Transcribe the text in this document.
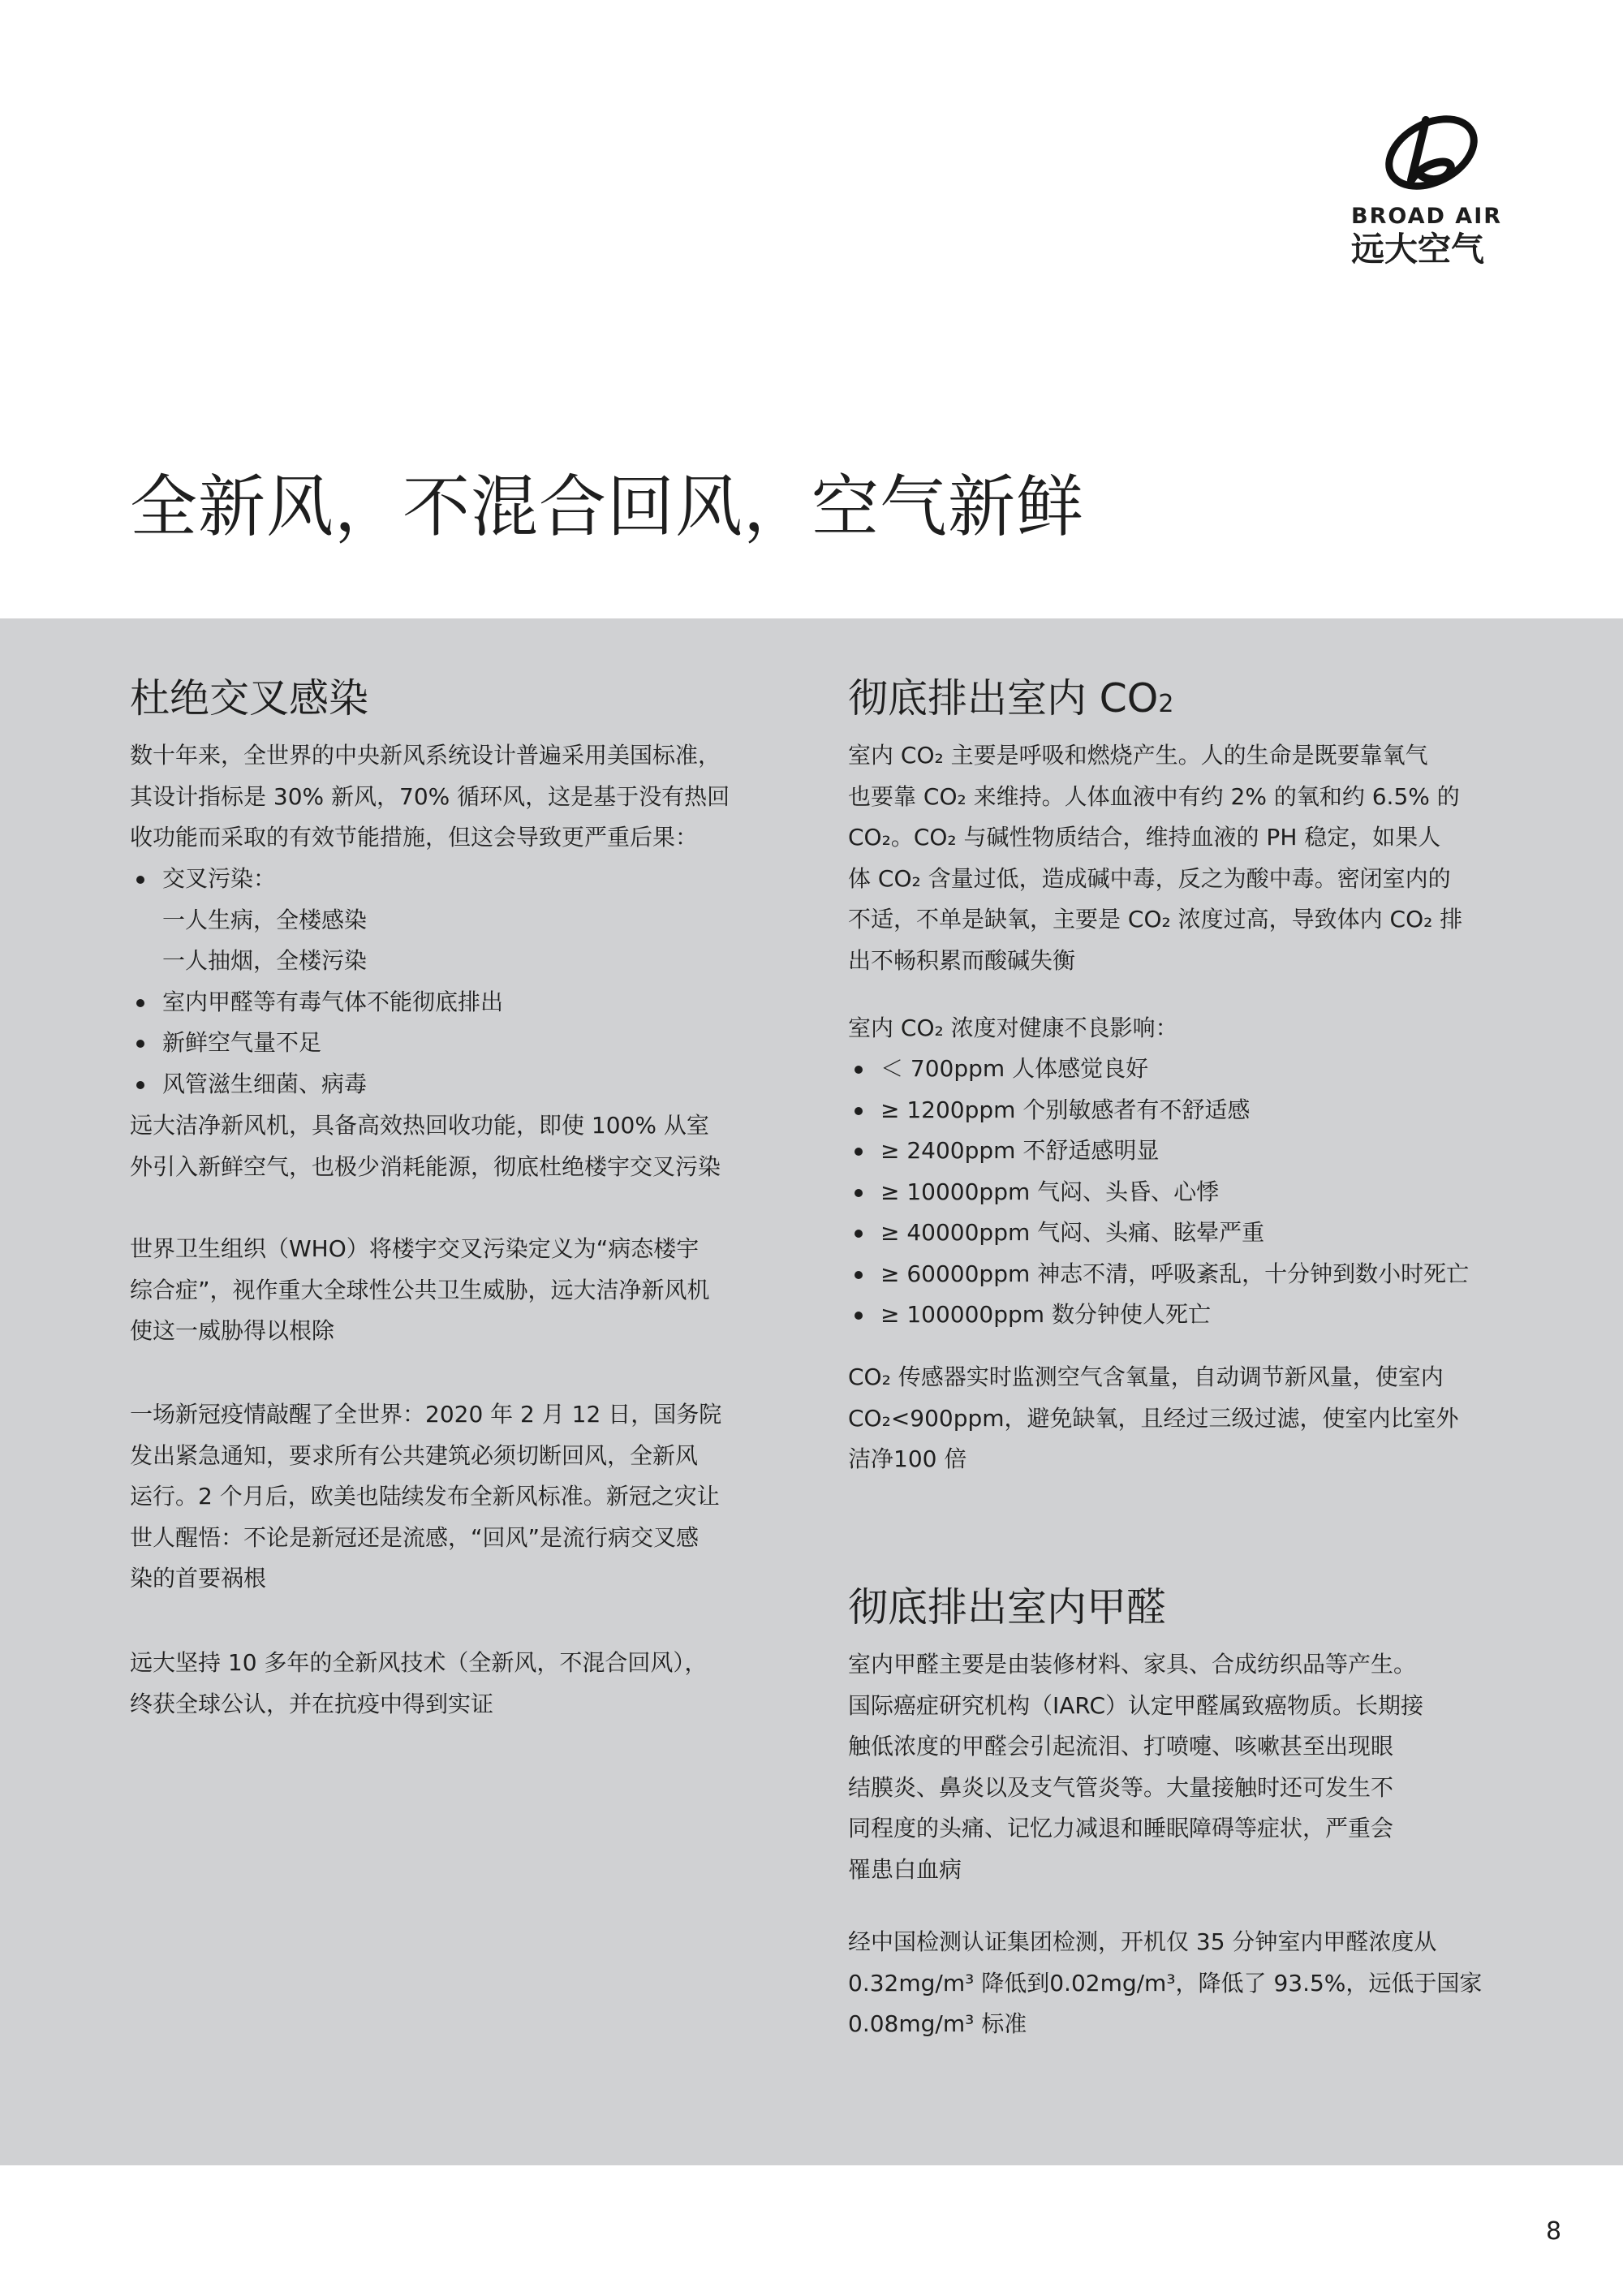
BROAD AIR
远大空气
全新风，不混合回风，空气新鲜
杜绝交叉感染

数十年来，全世界的中央新风系统设计普遍采用美国标准，
其设计指标是 30% 新风，70% 循环风，这是基于没有热回
收功能而采取的有效节能措施，但这会导致更严重后果：

交叉污染：
一人生病，全楼感染
一人抽烟，全楼污染
室内甲醛等有毒气体不能彻底排出
新鲜空气量不足
风管滋生细菌、病毒

远大洁净新风机，具备高效热回收功能，即使 100% 从室
外引入新鲜空气，也极少消耗能源，彻底杜绝楼宇交叉污染

世界卫生组织（WHO）将楼宇交叉污染定义为“病态楼宇
综合症”，视作重大全球性公共卫生威胁，远大洁净新风机
使这一威胁得以根除

一场新冠疫情敲醒了全世界：2020 年 2 月 12 日，国务院
发出紧急通知，要求所有公共建筑必须切断回风，全新风
运行。2 个月后，欧美也陆续发布全新风标准。新冠之灾让
世人醒悟：不论是新冠还是流感，“回风”是流行病交叉感
染的首要祸根

远大坚持 10 多年的全新风技术（全新风，不混合回风），
终获全球公认，并在抗疫中得到实证

彻底排出室内 CO2

室内 CO₂ 主要是呼吸和燃烧产生。人的生命是既要靠氧气
也要靠 CO₂ 来维持。人体血液中有约 2% 的氧和约 6.5% 的
CO₂。CO₂ 与碱性物质结合，维持血液的 PH 稳定，如果人
体 CO₂ 含量过低，造成碱中毒，反之为酸中毒。密闭室内的
不适，不单是缺氧，主要是 CO₂ 浓度过高，导致体内 CO₂ 排
出不畅积累而酸碱失衡

室内 CO₂ 浓度对健康不良影响：

＜ 700ppm 人体感觉良好
≥ 1200ppm 个别敏感者有不舒适感
≥ 2400ppm 不舒适感明显
≥ 10000ppm 气闷、头昏、心悸
≥ 40000ppm 气闷、头痛、眩晕严重
≥ 60000ppm 神志不清，呼吸紊乱，十分钟到数小时死亡
≥ 100000ppm 数分钟使人死亡

CO₂ 传感器实时监测空气含氧量，自动调节新风量，使室内
CO₂<900ppm，避免缺氧，且经过三级过滤，使室内比室外
洁净100 倍

彻底排出室内甲醛

室内甲醛主要是由装修材料、家具、合成纺织品等产生。
国际癌症研究机构（IARC）认定甲醛属致癌物质。长期接
触低浓度的甲醛会引起流泪、打喷嚏、咳嗽甚至出现眼
结膜炎、鼻炎以及支气管炎等。大量接触时还可发生不
同程度的头痛、记忆力减退和睡眠障碍等症状，严重会
罹患白血病

经中国检测认证集团检测，开机仅 35 分钟室内甲醛浓度从
0.32mg/m³ 降低到0.02mg/m³，降低了 93.5%，远低于国家
0.08mg/m³ 标准

8
